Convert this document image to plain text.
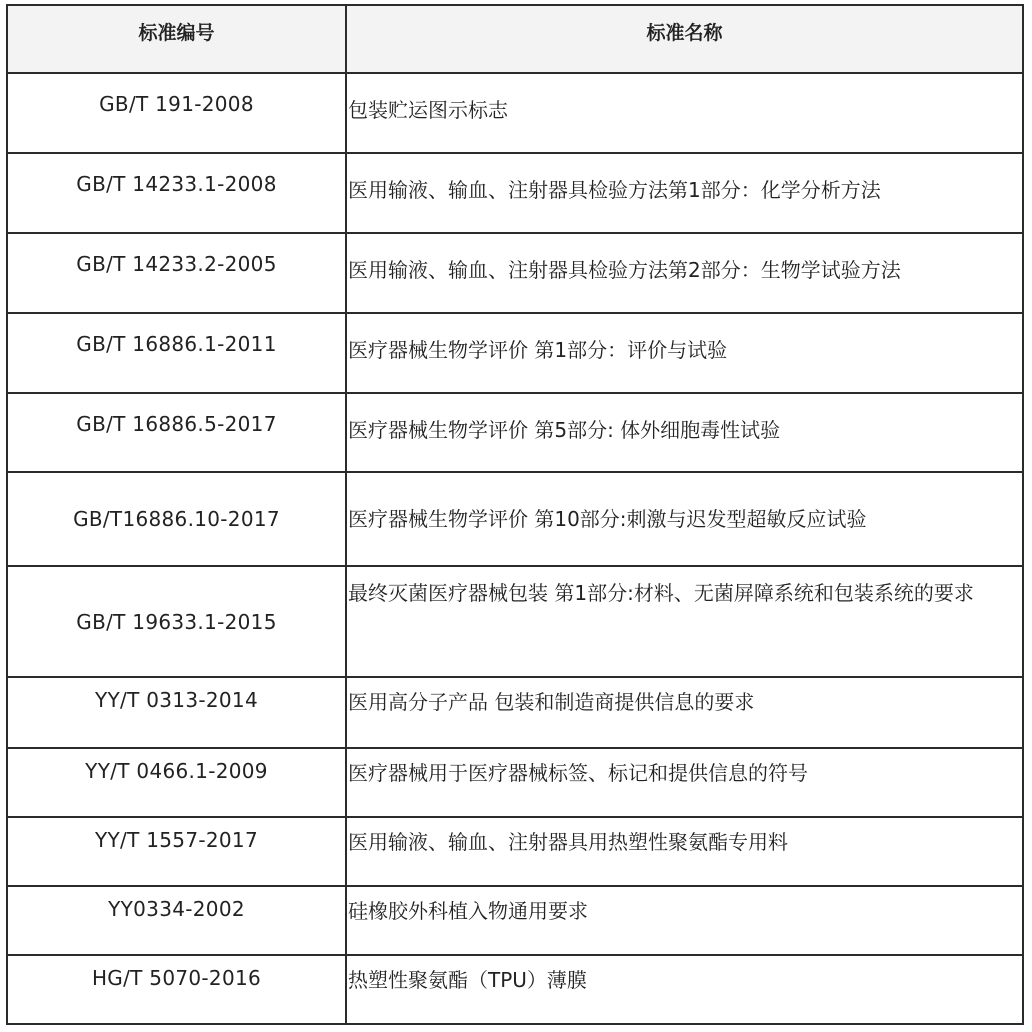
标准编号	标准名称
GB/T 191-2008	包装贮运图示标志
GB/T 14233.1-2008	医用输液、输血、注射器具检验方法第1部分：化学分析方法
GB/T 14233.2-2005	医用输液、输血、注射器具检验方法第2部分：生物学试验方法
GB/T 16886.1-2011	医疗器械生物学评价 第1部分：评价与试验
GB/T 16886.5-2017	医疗器械生物学评价 第5部分: 体外细胞毒性试验
GB/T16886.10-2017	医疗器械生物学评价 第10部分:刺激与迟发型超敏反应试验
GB/T 19633.1-2015	最终灭菌医疗器械包装 第1部分:材料、无菌屏障系统和包装系统的要求
YY/T 0313-2014	医用高分子产品 包装和制造商提供信息的要求
YY/T 0466.1-2009	医疗器械用于医疗器械标签、标记和提供信息的符号
YY/T 1557-2017	医用输液、输血、注射器具用热塑性聚氨酯专用料
YY0334-2002	硅橡胶外科植入物通用要求
HG/T 5070-2016	热塑性聚氨酯（TPU）薄膜
